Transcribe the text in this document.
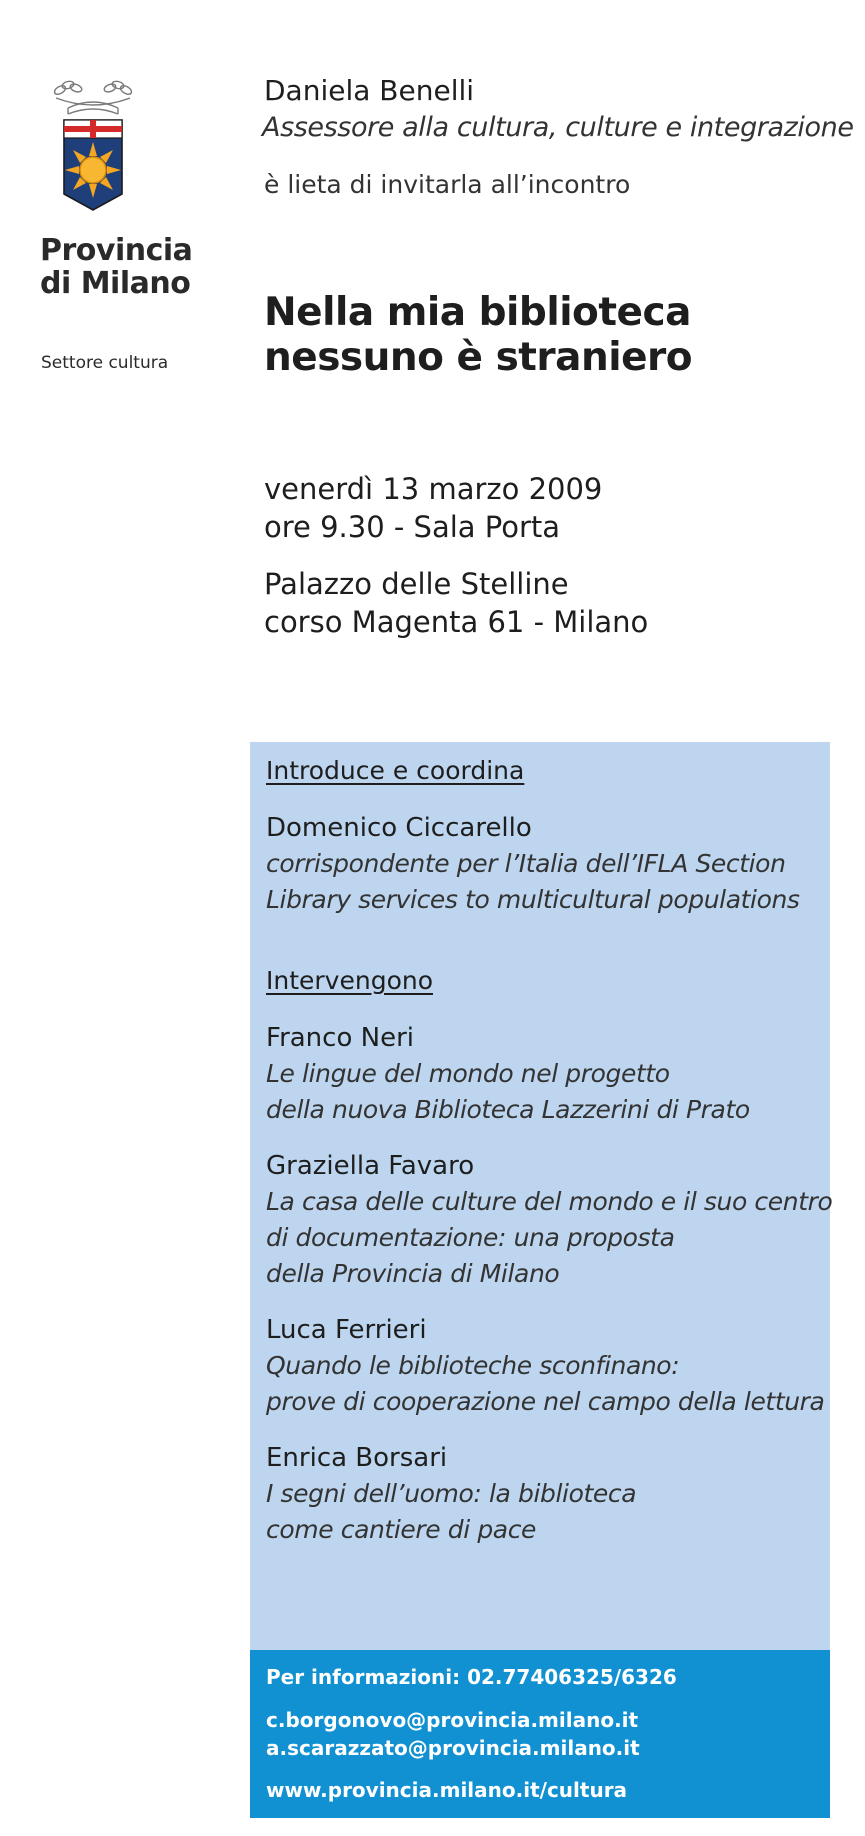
Provincia
di Milano
Settore cultura
Daniela Benelli
Assessore alla cultura, culture e integrazione
è lieta di invitarla all’incontro
Nella mia biblioteca
nessuno è straniero
venerdì 13 marzo 2009
ore 9.30 - Sala Porta
Palazzo delle Stelline
corso Magenta 61 - Milano
Introduce e coordina
Domenico Ciccarello
corrispondente per l’Italia dell’IFLA Section
Library services to multicultural populations
Intervengono
Franco Neri
Le lingue del mondo nel progetto
della nuova Biblioteca Lazzerini di Prato
Graziella Favaro
La casa delle culture del mondo e il suo centro
di documentazione: una proposta
della Provincia di Milano
Luca Ferrieri
Quando le biblioteche sconfinano:
prove di cooperazione nel campo della lettura
Enrica Borsari
I segni dell’uomo: la biblioteca
come cantiere di pace
Per informazioni: 02.77406325/6326
c.borgonovo@provincia.milano.it
a.scarazzato@provincia.milano.it
www.provincia.milano.it/cultura
